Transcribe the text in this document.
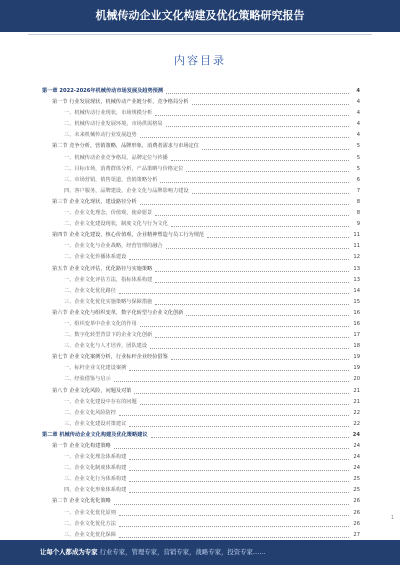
机械传动企业文化构建及优化策略研究报告
内容目录
第一章 2022-2026年机械传动市场发展及趋势预测	4
第一节 行业发展现状，机械传动产业链分析，竞争格局分析	4
一、机械传动行业现状，市场规模分析	4
二、机械传动行业发展环境，市场供需格局	4
三、未来机械传动行业发展趋势	4
第二节 竞争分析，营销策略，品牌形象，消费者需求与市场定位	5
一、机械传动企业竞争格局，品牌定位与传播	5
二、目标市场，消费群体分析，产品策略与价格定位	5
三、市场营销，销售渠道，营销策略分析	6
四、客户服务，品牌建设，企业文化与品牌影响力建设	7
第三节 企业文化现状，建设路径分析	8
一、企业文化理念，价值观，使命愿景	8
二、企业文化建设现状，制度文化与行为文化	9
第四节 企业文化建设，核心价值观，企业精神塑造与员工行为规范	11
一、企业文化与企业战略，经营管理的融合	11
二、企业文化传播体系建设	12
第五节 企业文化评估，优化路径与实施策略	13
一、企业文化评估方法，指标体系构建	13
二、企业文化优化路径	14
三、企业文化优化实施策略与保障措施	15
第六节 企业文化与组织变革，数字化转型与企业文化创新	16
一、组织变革中企业文化的作用	16
二、数字化转型背景下的企业文化创新	17
三、企业文化与人才培养，团队建设	18
第七节 企业文化案例分析，行业标杆企业经验借鉴	19
一、标杆企业文化建设案例	19
二、经验借鉴与启示	20
第八节 企业文化风险，问题及对策	21
一、企业文化建设中存在的问题	21
二、企业文化风险防控	22
三、企业文化建设对策建议	22
第二章 机械传动企业文化构建及优化策略建议	24
第一节 企业文化构建策略	24
一、企业文化理念体系构建	24
二、企业文化制度体系构建	24
三、企业文化行为体系构建	25
四、企业文化形象体系构建	25
第二节 企业文化优化策略	26
一、企业文化优化原则	26
二、企业文化优化方法	26
三、企业文化优化保障	27
1
让每个人都成为专家 行业专家，管理专家，营销专家，战略专家，投资专家……
